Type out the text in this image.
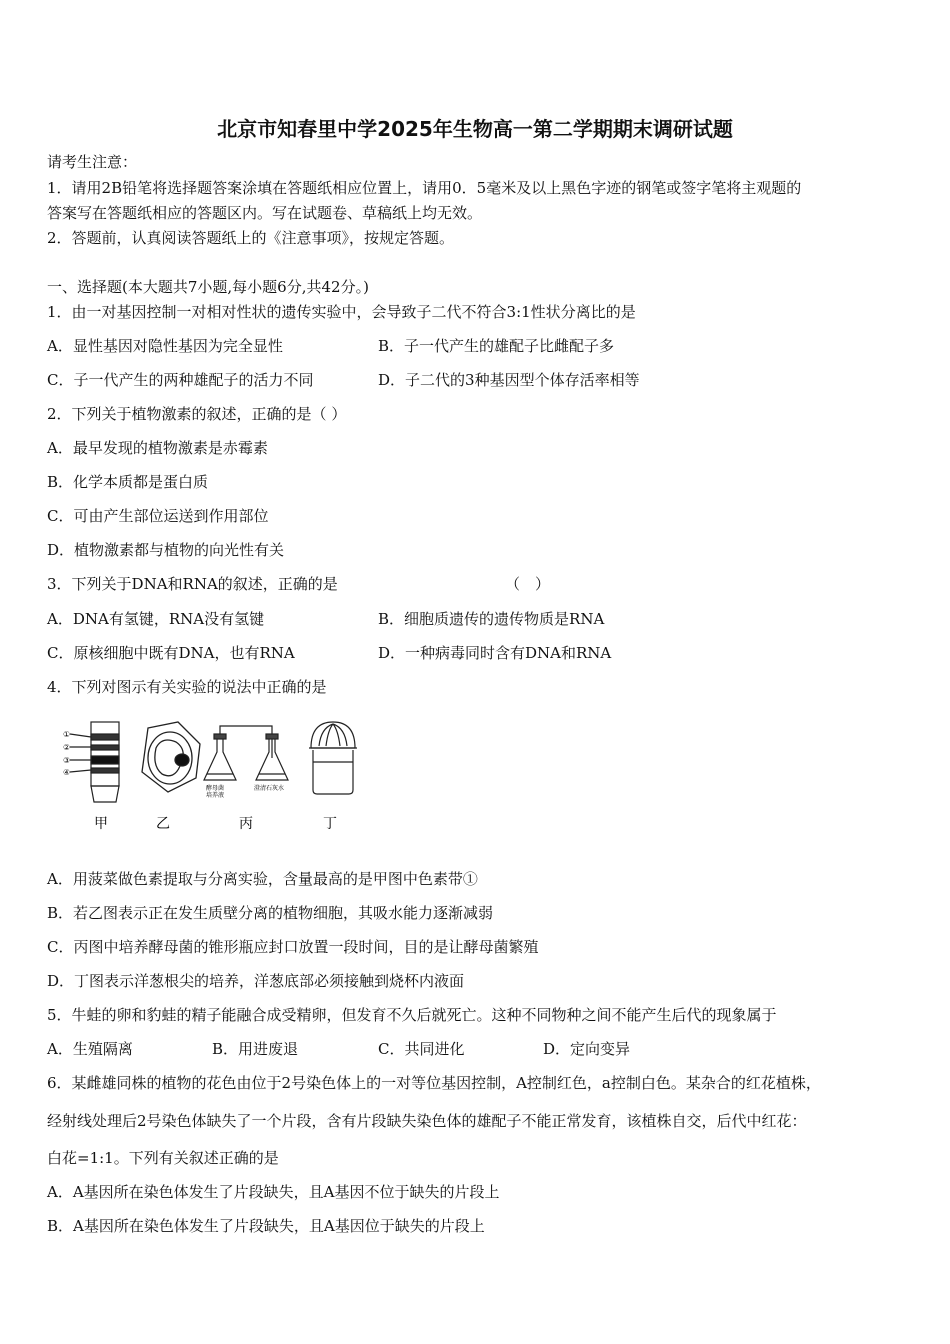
北京市知春里中学2025年生物高一第二学期期末调研试题
请考生注意：
1．请用2B铅笔将选择题答案涂填在答题纸相应位置上，请用0．5毫米及以上黑色字迹的钢笔或签字笔将主观题的
答案写在答题纸相应的答题区内。写在试题卷、草稿纸上均无效。
2．答题前，认真阅读答题纸上的《注意事项》，按规定答题。
一、选择题(本大题共7小题,每小题6分,共42分。)
1．由一对基因控制一对相对性状的遗传实验中，会导致子二代不符合3:1性状分离比的是
A．显性基因对隐性基因为完全显性	B．子一代产生的雄配子比雌配子多
C．子一代产生的两种雄配子的活力不同	D．子二代的3种基因型个体存活率相等
2．下列关于植物激素的叙述，正确的是（ ）
A．最早发现的植物激素是赤霉素
B．化学本质都是蛋白质
C．可由产生部位运送到作用部位
D．植物激素都与植物的向光性有关
3．下列关于DNA和RNA的叙述，正确的是	（　）
A．DNA有氢键，RNA没有氢键	B．细胞质遗传的遗传物质是RNA
C．原核细胞中既有DNA，也有RNA	D．一种病毒同时含有DNA和RNA
4．下列对图示有关实验的说法中正确的是
①
②
③
④
酵母菌
培养液
澄清石灰水
甲	乙	丙	丁
A．用菠菜做色素提取与分离实验，含量最高的是甲图中色素带①
B．若乙图表示正在发生质壁分离的植物细胞，其吸水能力逐渐减弱
C．丙图中培养酵母菌的锥形瓶应封口放置一段时间，目的是让酵母菌繁殖
D．丁图表示洋葱根尖的培养，洋葱底部必须接触到烧杯内液面
5．牛蛙的卵和豹蛙的精子能融合成受精卵，但发育不久后就死亡。这种不同物种之间不能产生后代的现象属于
A．生殖隔离	B．用进废退	C．共同进化	D．定向变异
6．某雌雄同株的植物的花色由位于2号染色体上的一对等位基因控制，A控制红色，a控制白色。某杂合的红花植株，
经射线处理后2号染色体缺失了一个片段，含有片段缺失染色体的雄配子不能正常发育，该植株自交，后代中红花：
白花=1:1。下列有关叙述正确的是
A．A基因所在染色体发生了片段缺失，且A基因不位于缺失的片段上
B．A基因所在染色体发生了片段缺失，且A基因位于缺失的片段上
